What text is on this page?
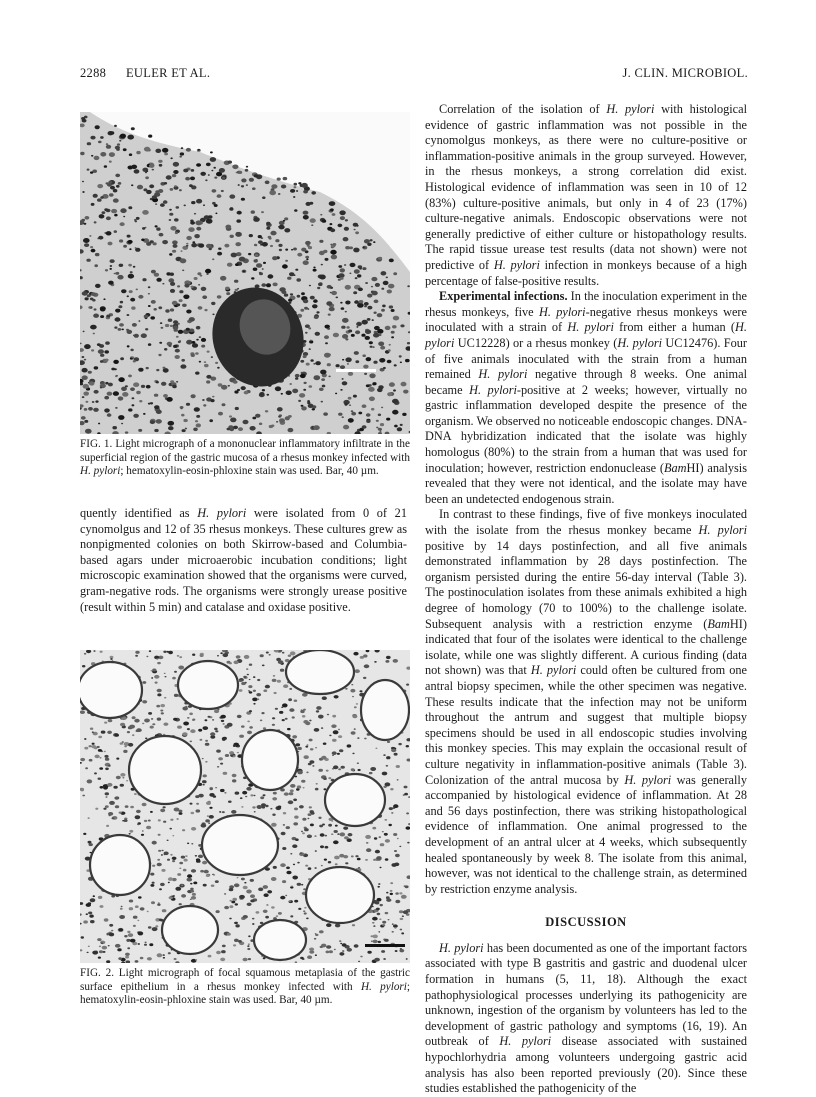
2288 EULER ET AL.	J. CLIN. MICROBIOL.
FIG. 1. Light micrograph of a mononuclear inflammatory infiltrate in the superficial region of the gastric mucosa of a rhesus monkey infected with H. pylori; hematoxylin-eosin-phloxine stain was used. Bar, 40 µm.

quently identified as H. pylori were isolated from 0 of 21 cynomolgus and 12 of 35 rhesus monkeys. These cultures grew as nonpigmented colonies on both Skirrow-based and Columbia-based agars under microaerobic incubation conditions; light microscopic examination showed that the organisms were curved, gram-negative rods. The organisms were strongly urease positive (result within 5 min) and catalase and oxidase positive.

FIG. 2. Light micrograph of focal squamous metaplasia of the gastric surface epithelium in a rhesus monkey infected with H. pylori; hematoxylin-eosin-phloxine stain was used. Bar, 40 µm.

Correlation of the isolation of H. pylori with histological evidence of gastric inflammation was not possible in the cynomolgus monkeys, as there were no culture-positive or inflammation-positive animals in the group surveyed. However, in the rhesus monkeys, a strong correlation did exist. Histological evidence of inflammation was seen in 10 of 12 (83%) culture-positive animals, but only in 4 of 23 (17%) culture-negative animals. Endoscopic observations were not generally predictive of either culture or histopathology results. The rapid tissue urease test results (data not shown) were not predictive of H. pylori infection in monkeys because of a high percentage of false-positive results.

Experimental infections. In the inoculation experiment in the rhesus monkeys, five H. pylori-negative rhesus monkeys were inoculated with a strain of H. pylori from either a human (H. pylori UC12228) or a rhesus monkey (H. pylori UC12476). Four of five animals inoculated with the strain from a human remained H. pylori negative through 8 weeks. One animal became H. pylori-positive at 2 weeks; however, virtually no gastric inflammation developed despite the presence of the organism. We observed no noticeable endoscopic changes. DNA-DNA hybridization indicated that the isolate was highly homologus (80%) to the strain from a human that was used for inoculation; however, restriction endonuclease (BamHI) analysis revealed that they were not identical, and the isolate may have been an undetected endogenous strain.

In contrast to these findings, five of five monkeys inoculated with the isolate from the rhesus monkey became H. pylori positive by 14 days postinfection, and all five animals demonstrated inflammation by 28 days postinfection. The organism persisted during the entire 56-day interval (Table 3). The postinoculation isolates from these animals exhibited a high degree of homology (70 to 100%) to the challenge isolate. Subsequent analysis with a restriction enzyme (BamHI) indicated that four of the isolates were identical to the challenge isolate, while one was slightly different. A curious finding (data not shown) was that H. pylori could often be cultured from one antral biopsy specimen, while the other specimen was negative. These results indicate that the infection may not be uniform throughout the antrum and suggest that multiple biopsy specimens should be used in all endoscopic studies involving this monkey species. This may explain the occasional result of culture negativity in inflammation-positive animals (Table 3). Colonization of the antral mucosa by H. pylori was generally accompanied by histological evidence of inflammation. At 28 and 56 days postinfection, there was striking histopathological evidence of inflammation. One animal progressed to the development of an antral ulcer at 4 weeks, which subsequently healed spontaneously by week 8. The isolate from this animal, however, was not identical to the challenge strain, as determined by restriction enzyme analysis.

DISCUSSION

H. pylori has been documented as one of the important factors associated with type B gastritis and gastric and duodenal ulcer formation in humans (5, 11, 18). Although the exact pathophysiological processes underlying its pathogenicity are unknown, ingestion of the organism by volunteers has led to the development of gastric pathology and symptoms (16, 19). An outbreak of H. pylori disease associated with sustained hypochlorhydria among volunteers undergoing gastric acid analysis has also been reported previously (20). Since these studies established the pathogenicity of the
